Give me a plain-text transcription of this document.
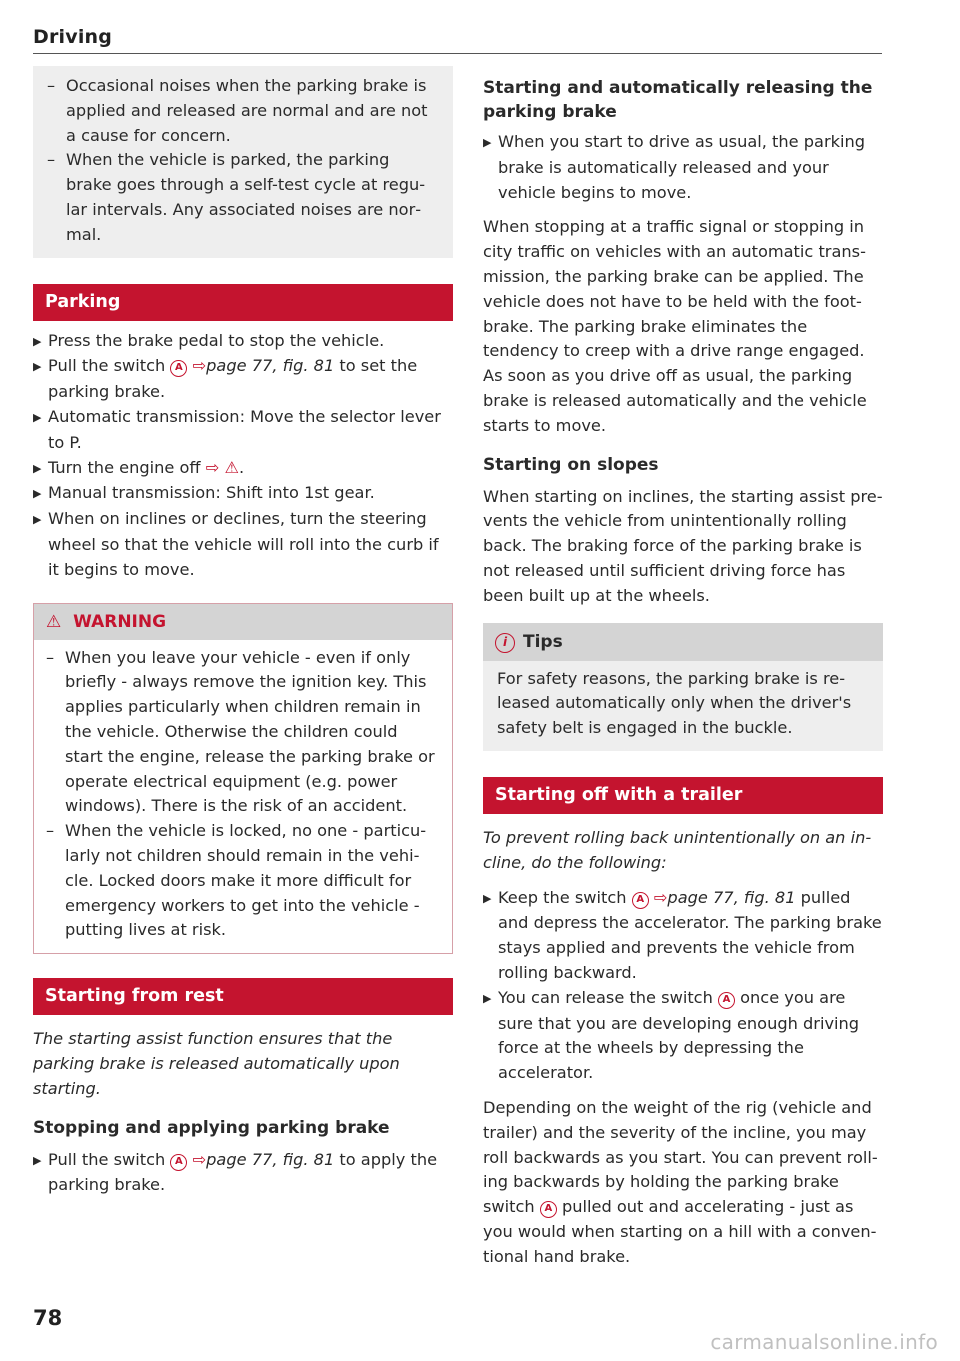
Driving
– Occasional noises when the parking brake is applied and released are normal and are not a cause for concern.
– When the vehicle is parked, the parking brake goes through a self-test cycle at regular intervals. Any associated noises are normal.
Parking
▶ Press the brake pedal to stop the vehicle.
▶ Pull the switch A ⇨page 77, fig. 81 to set the parking brake.
▶ Automatic transmission: Move the selector lever to P.
▶ Turn the engine off ⇨ ⚠.
▶ Manual transmission: Shift into 1st gear.
▶ When on inclines or declines, turn the steering wheel so that the vehicle will roll into the curb if it begins to move.
⚠ WARNING
– When you leave your vehicle - even if only briefly - always remove the ignition key. This applies particularly when children remain in the vehicle. Otherwise the children could start the engine, release the parking brake or operate electrical equipment (e.g. power windows). There is the risk of an accident.
– When the vehicle is locked, no one - particularly not children should remain in the vehicle. Locked doors make it more difficult for emergency workers to get into the vehicle - putting lives at risk.
Starting from rest
The starting assist function ensures that the parking brake is released automatically upon starting.
Stopping and applying parking brake
▶ Pull the switch A ⇨page 77, fig. 81 to apply the parking brake.
Starting and automatically releasing the parking brake
▶ When you start to drive as usual, the parking brake is automatically released and your vehicle begins to move.
When stopping at a traffic signal or stopping in city traffic on vehicles with an automatic transmission, the parking brake can be applied. The vehicle does not have to be held with the footbrake. The parking brake eliminates the tendency to creep with a drive range engaged. As soon as you drive off as usual, the parking brake is released automatically and the vehicle starts to move.
Starting on slopes
When starting on inclines, the starting assist prevents the vehicle from unintentionally rolling back. The braking force of the parking brake is not released until sufficient driving force has been built up at the wheels.
i Tips
For safety reasons, the parking brake is released automatically only when the driver's safety belt is engaged in the buckle.
Starting off with a trailer
To prevent rolling back unintentionally on an incline, do the following:
▶ Keep the switch A ⇨page 77, fig. 81 pulled and depress the accelerator. The parking brake stays applied and prevents the vehicle from rolling backward.
▶ You can release the switch A once you are sure that you are developing enough driving force at the wheels by depressing the accelerator.
Depending on the weight of the rig (vehicle and trailer) and the severity of the incline, you may roll backwards as you start. You can prevent rolling backwards by holding the parking brake switch A pulled out and accelerating - just as you would when starting on a hill with a conventional hand brake.
78
carmanualsonline.info
